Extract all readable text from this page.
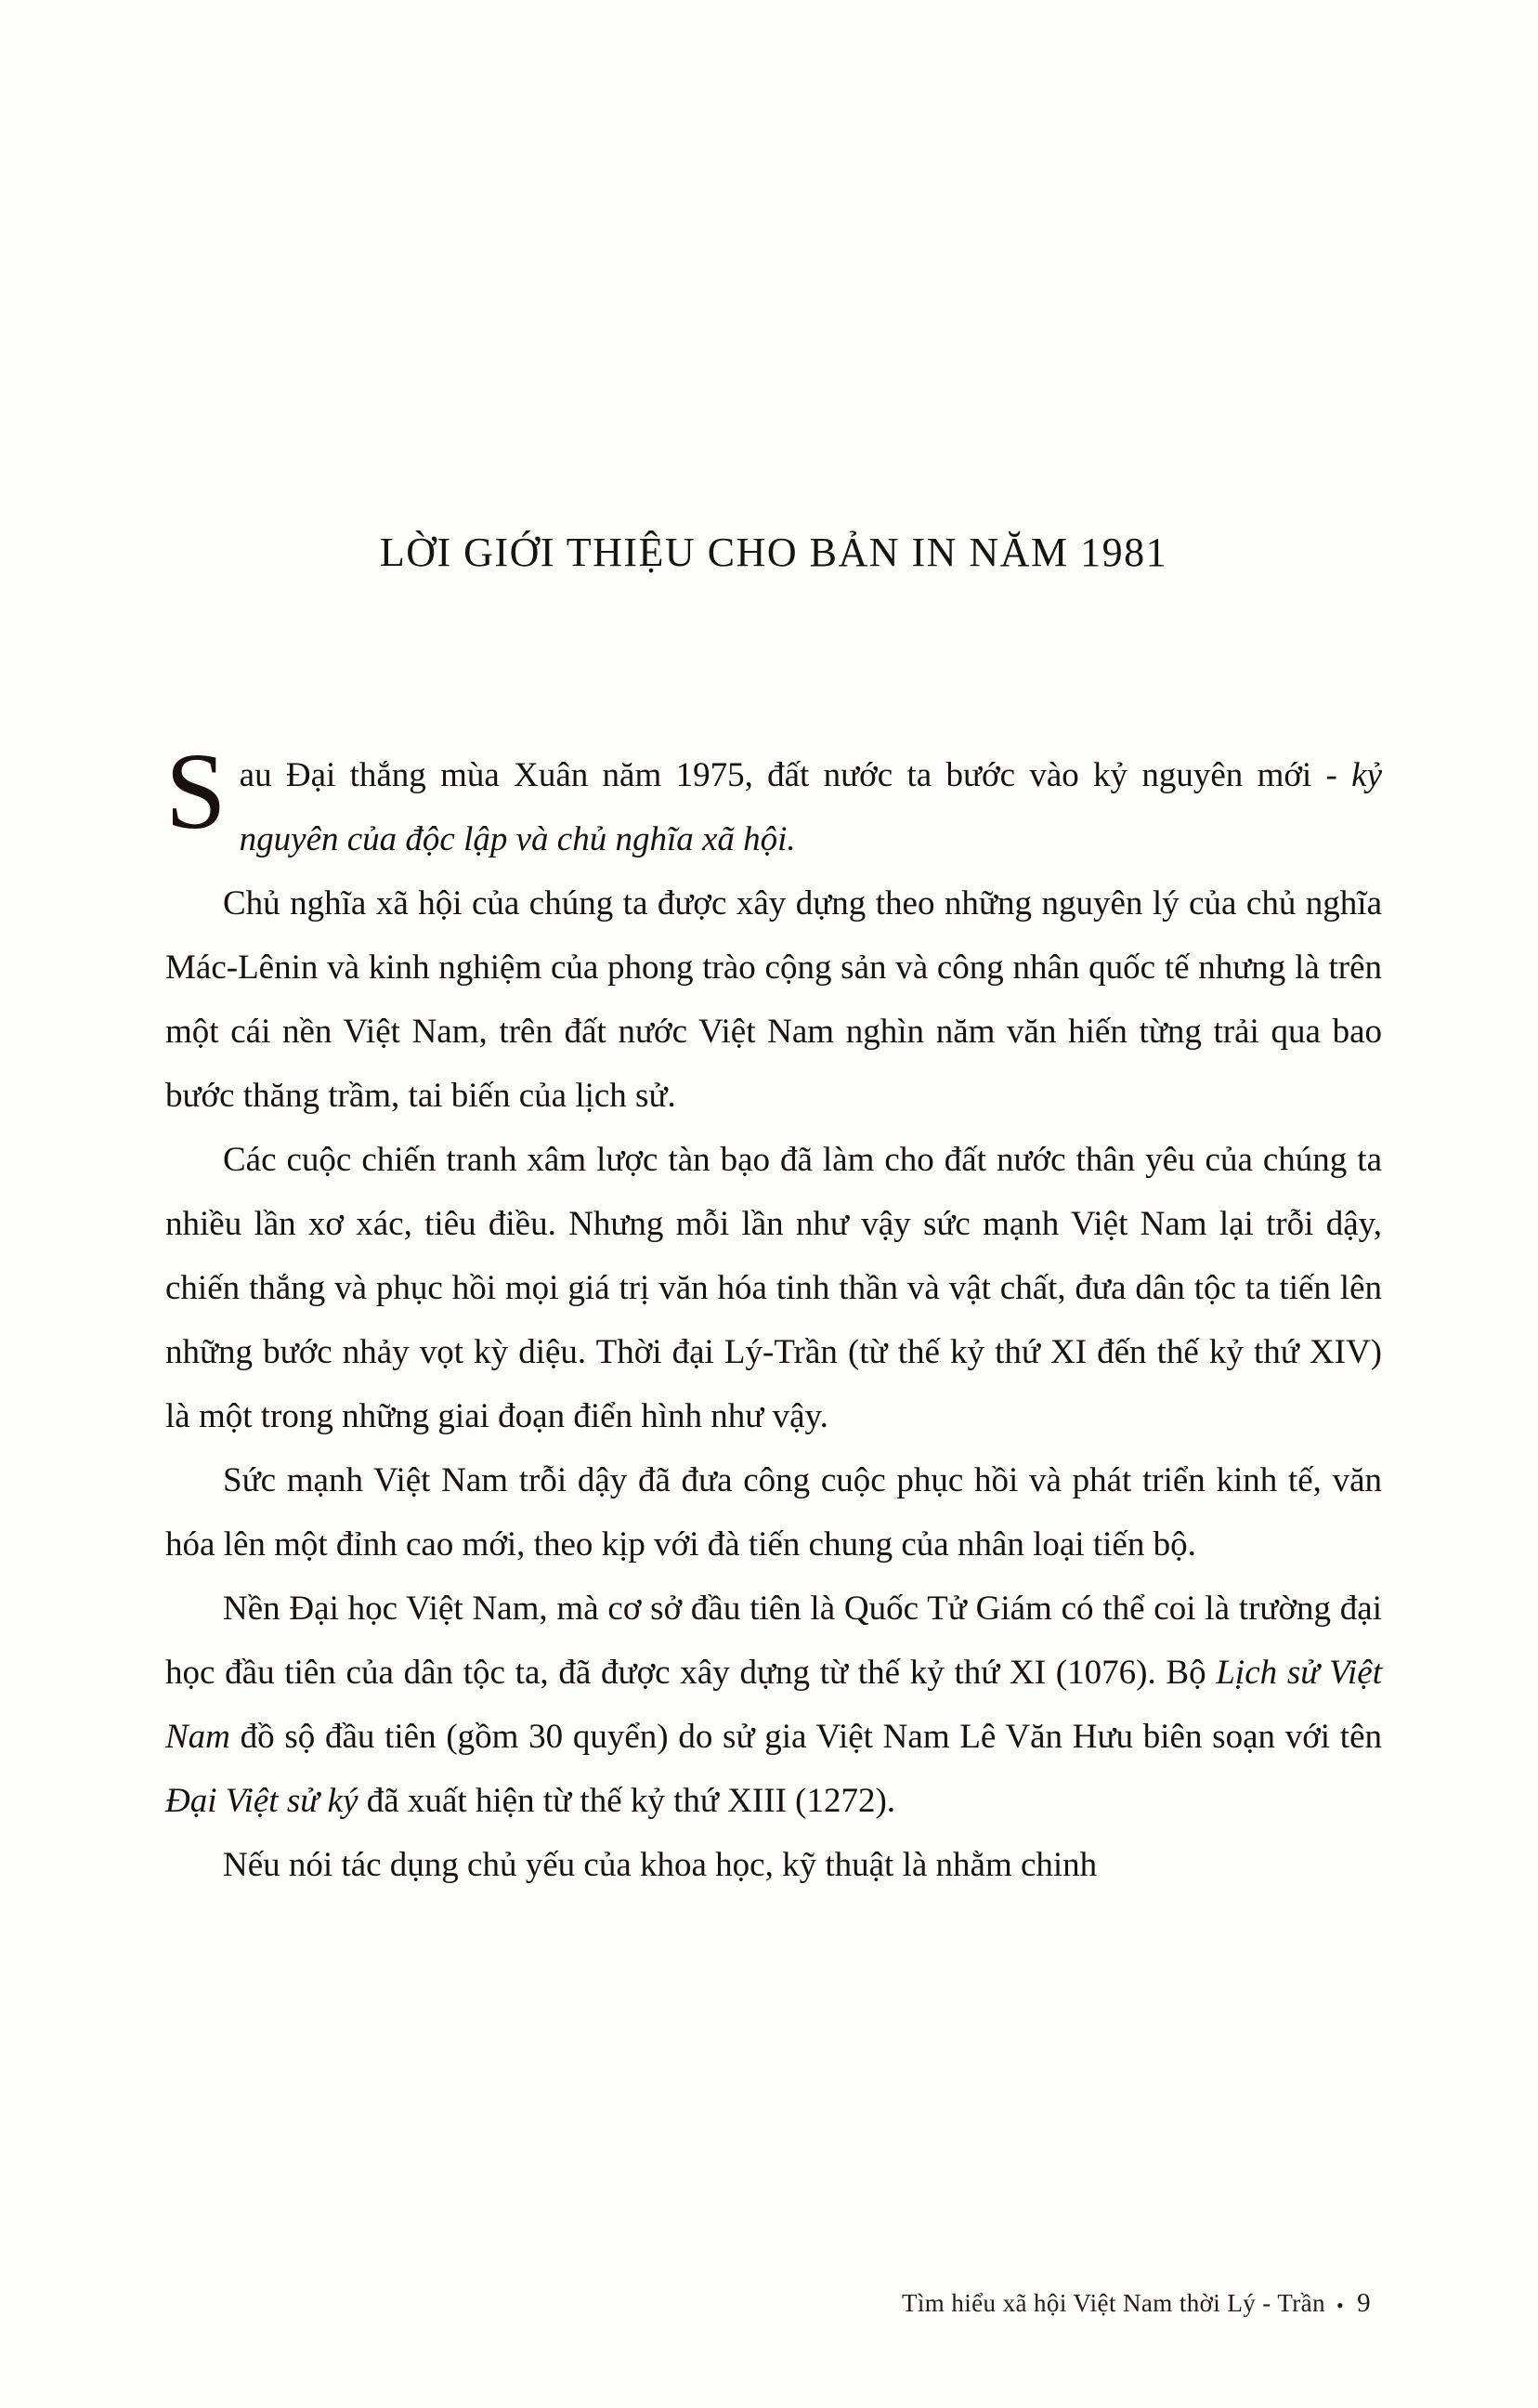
LỜI GIỚI THIỆU CHO BẢN IN NĂM 1981

Sau Đại thắng mùa Xuân năm 1975, đất nước ta bước vào kỷ nguyên mới - kỷ nguyên của độc lập và chủ nghĩa xã hội.

Chủ nghĩa xã hội của chúng ta được xây dựng theo những nguyên lý của chủ nghĩa Mác-Lênin và kinh nghiệm của phong trào cộng sản và công nhân quốc tế nhưng là trên một cái nền Việt Nam, trên đất nước Việt Nam nghìn năm văn hiến từng trải qua bao bước thăng trầm, tai biến của lịch sử.

Các cuộc chiến tranh xâm lược tàn bạo đã làm cho đất nước thân yêu của chúng ta nhiều lần xơ xác, tiêu điều. Nhưng mỗi lần như vậy sức mạnh Việt Nam lại trỗi dậy, chiến thắng và phục hồi mọi giá trị văn hóa tinh thần và vật chất, đưa dân tộc ta tiến lên những bước nhảy vọt kỳ diệu. Thời đại Lý-Trần (từ thế kỷ thứ XI đến thế kỷ thứ XIV) là một trong những giai đoạn điển hình như vậy.

Sức mạnh Việt Nam trỗi dậy đã đưa công cuộc phục hồi và phát triển kinh tế, văn hóa lên một đỉnh cao mới, theo kịp với đà tiến chung của nhân loại tiến bộ.

Nền Đại học Việt Nam, mà cơ sở đầu tiên là Quốc Tử Giám có thể coi là trường đại học đầu tiên của dân tộc ta, đã được xây dựng từ thế kỷ thứ XI (1076). Bộ Lịch sử Việt Nam đồ sộ đầu tiên (gồm 30 quyển) do sử gia Việt Nam Lê Văn Hưu biên soạn với tên Đại Việt sử ký đã xuất hiện từ thế kỷ thứ XIII (1272).

Nếu nói tác dụng chủ yếu của khoa học, kỹ thuật là nhằm chinh

Tìm hiểu xã hội Việt Nam thời Lý - Trần • 9
